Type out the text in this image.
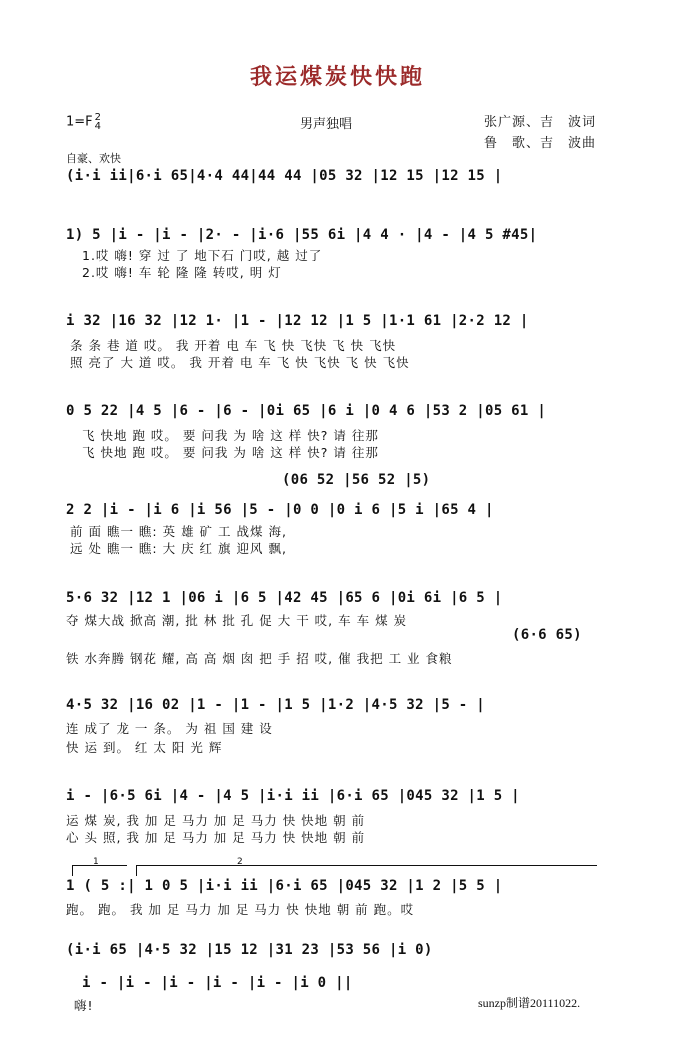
我运煤炭快快跑
1=F 2
4	男声独唱	张广源、吉　波词
鲁　歌、吉　波曲
自豪、欢快
(i·i ii|6·i 65|4·4 44|44 44 |05 32 |12 15 |12 15 |
1) 5 |i - |i - |2· - |i·6 |55 6i |4 4 · |4 - |4 5 #45|
1.哎 嗨! 穿 过 了 地下石 门哎, 越 过了
2.哎 嗨! 车 轮 隆 隆 转哎, 明 灯
i 32 |16 32 |12 1· |1 - |12 12 |1 5 |1·1 61 |2·2 12 |
条 条 巷 道 哎。 我 开着 电 车 飞 快 飞快 飞 快 飞快
照 亮了 大 道 哎。 我 开着 电 车 飞 快 飞快 飞 快 飞快
0 5 22 |4 5 |6 - |6 - |0i 65 |6 i |0 4 6 |53 2 |05 61 |
飞 快地 跑 哎。 要 问我 为 啥 这 样 快? 请 往那
飞 快地 跑 哎。 要 问我 为 啥 这 样 快? 请 往那
(06 52 |56 52 |5)
2 2 |i - |i 6 |i 56 |5 - |0 0 |0 i 6 |5 i |65 4 |
前 面 瞧一 瞧: 英 雄 矿 工 战煤 海,
远 处 瞧一 瞧: 大 庆 红 旗 迎风 飘,
5·6 32 |12 1 |06 i |6 5 |42 45 |65 6 |0i 6i |6 5 |
夺 煤大战 掀高 潮, 批 林 批 孔 促 大 干 哎, 车 车 煤 炭
(6·6 65)
铁 水奔腾 钢花 耀, 高 高 烟 囱 把 手 招 哎, 催 我把 工 业 食粮
4·5 32 |16 02 |1 - |1 - |1 5 |1·2 |4·5 32 |5 - |
连 成了 龙 一 条。 为 祖 国 建 设
快 运 到。 红 太 阳 光 辉
i - |6·5 6i |4 - |4 5 |i·i ii |6·i 65 |045 32 |1 5 |
运 煤 炭, 我 加 足 马力 加 足 马力 快 快地 朝 前
心 头 照, 我 加 足 马力 加 足 马力 快 快地 朝 前
1	2
1 ( 5 :| 1 0 5 |i·i ii |6·i 65 |045 32 |1 2 |5 5 |
跑。 跑。 我 加 足 马力 加 足 马力 快 快地 朝 前 跑。哎
(i·i 65 |4·5 32 |15 12 |31 23 |53 56 |i 0)
i - |i - |i - |i - |i - |i 0 ||
嗨!	sunzp制谱20111022.
